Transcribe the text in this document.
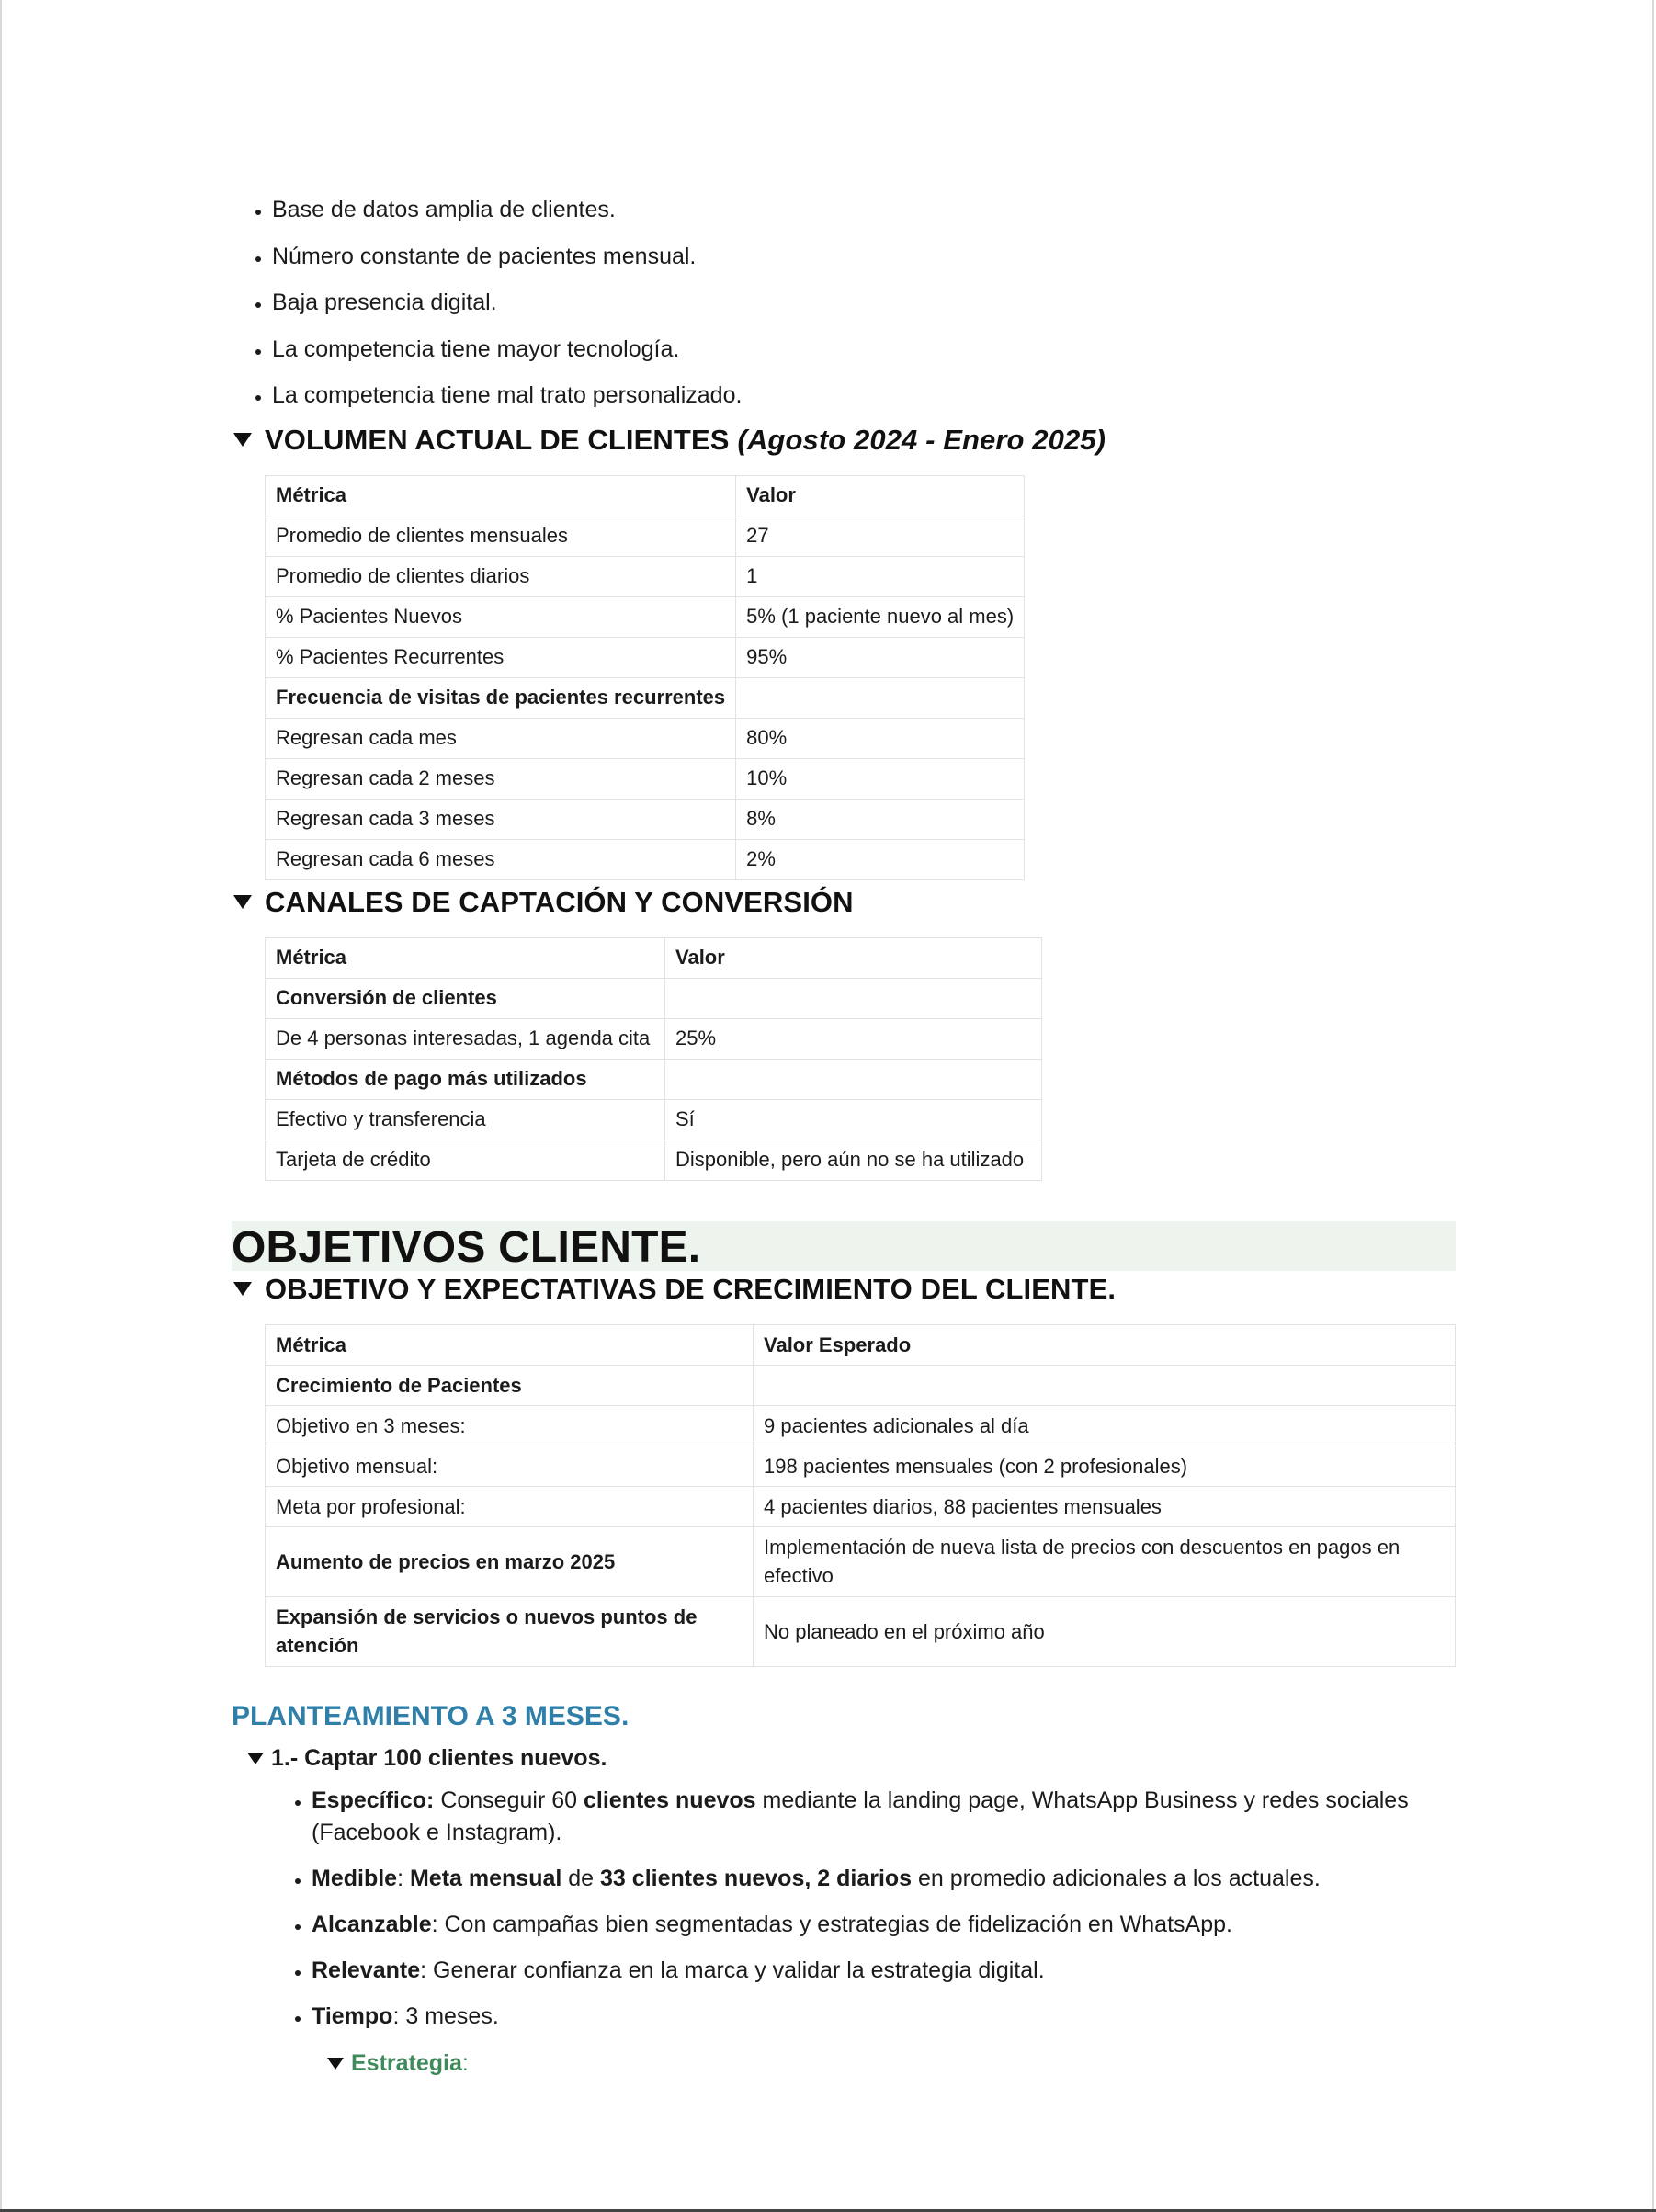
• Base de datos amplia de clientes.
• Número constante de pacientes mensual.
• Baja presencia digital.
• La competencia tiene mayor tecnología.
• La competencia tiene mal trato personalizado.
VOLUMEN ACTUAL DE CLIENTES (Agosto 2024 - Enero 2025)
Métrica	Valor
Promedio de clientes mensuales	27
Promedio de clientes diarios	1
% Pacientes Nuevos	5% (1 paciente nuevo al mes)
% Pacientes Recurrentes	95%
Frecuencia de visitas de pacientes recurrentes	
Regresan cada mes	80%
Regresan cada 2 meses	10%
Regresan cada 3 meses	8%
Regresan cada 6 meses	2%
CANALES DE CAPTACIÓN Y CONVERSIÓN
Métrica	Valor
Conversión de clientes	
De 4 personas interesadas, 1 agenda cita	25%
Métodos de pago más utilizados	
Efectivo y transferencia	Sí
Tarjeta de crédito	Disponible, pero aún no se ha utilizado
OBJETIVOS CLIENTE.
OBJETIVO Y EXPECTATIVAS DE CRECIMIENTO DEL CLIENTE.
Métrica	Valor Esperado
Crecimiento de Pacientes	
Objetivo en 3 meses:	9 pacientes adicionales al día
Objetivo mensual:	198 pacientes mensuales (con 2 profesionales)
Meta por profesional:	4 pacientes diarios, 88 pacientes mensuales
Aumento de precios en marzo 2025	Implementación de nueva lista de precios con descuentos en pagos en efectivo
Expansión de servicios o nuevos puntos de atención	No planeado en el próximo año
PLANTEAMIENTO A 3 MESES.
1.- Captar 100 clientes nuevos.
• Específico: Conseguir 60 clientes nuevos mediante la landing page, WhatsApp Business y redes sociales (Facebook e Instagram).
• Medible: Meta mensual de 33 clientes nuevos, 2 diarios en promedio adicionales a los actuales.
• Alcanzable: Con campañas bien segmentadas y estrategias de fidelización en WhatsApp.
• Relevante: Generar confianza en la marca y validar la estrategia digital.
• Tiempo: 3 meses.
Estrategia :
